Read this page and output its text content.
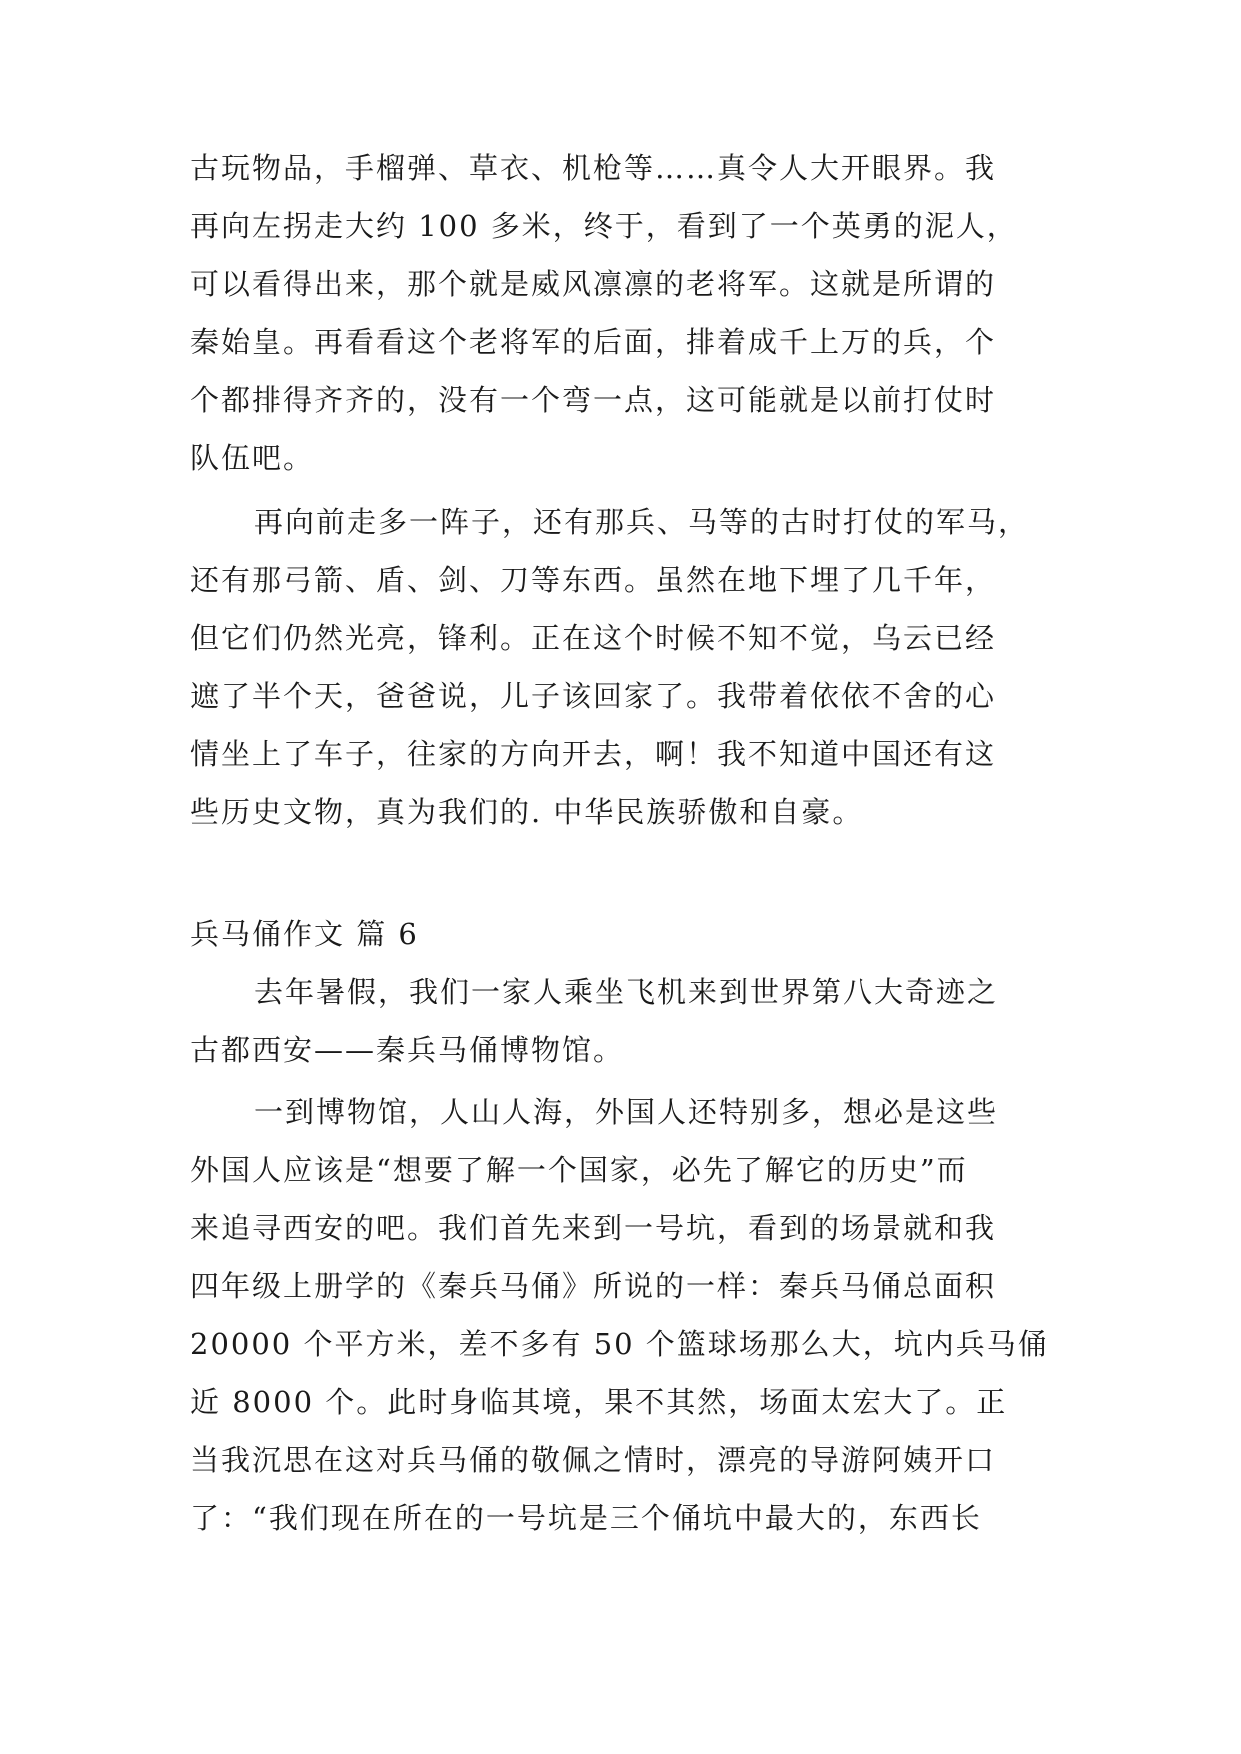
古玩物品，手榴弹、草衣、机枪等……真令人大开眼界。我
再向左拐走大约 100 多米，终于，看到了一个英勇的泥人，
可以看得出来，那个就是威风凛凛的老将军。这就是所谓的
秦始皇。再看看这个老将军的后面，排着成千上万的兵，个
个都排得齐齐的，没有一个弯一点，这可能就是以前打仗时
队伍吧。
再向前走多一阵子，还有那兵、马等的古时打仗的军马，
还有那弓箭、盾、剑、刀等东西。虽然在地下埋了几千年，
但它们仍然光亮，锋利。正在这个时候不知不觉，乌云已经
遮了半个天，爸爸说，儿子该回家了。我带着依依不舍的心
情坐上了车子，往家的方向开去，啊！我不知道中国还有这
些历史文物，真为我们的. 中华民族骄傲和自豪。
兵马俑作文 篇 6
去年暑假，我们一家人乘坐飞机来到世界第八大奇迹之
古都西安——秦兵马俑博物馆。
一到博物馆，人山人海，外国人还特别多，想必是这些
外国人应该是“想要了解一个国家，必先了解它的历史”而
来追寻西安的吧。我们首先来到一号坑，看到的场景就和我
四年级上册学的《秦兵马俑》所说的一样：秦兵马俑总面积
20000 个平方米，差不多有 50 个篮球场那么大，坑内兵马俑
近 8000 个。此时身临其境，果不其然，场面太宏大了。正
当我沉思在这对兵马俑的敬佩之情时，漂亮的导游阿姨开口
了：“我们现在所在的一号坑是三个俑坑中最大的，东西长
